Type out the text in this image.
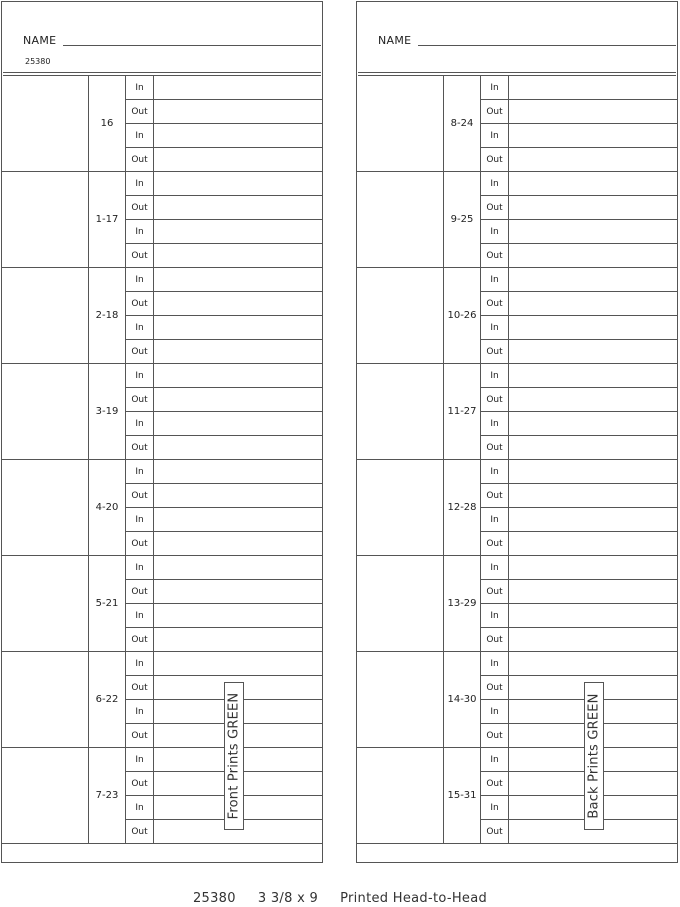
NAME
25380
16
In
Out
In
Out
1-17
In
Out
In
Out
2-18
In
Out
In
Out
3-19
In
Out
In
Out
4-20
In
Out
In
Out
5-21
In
Out
In
Out
6-22
In
Out
In
Out
7-23
In
Out
In
Out
NAME
8-24
In
Out
In
Out
9-25
In
Out
In
Out
10-26
In
Out
In
Out
11-27
In
Out
In
Out
12-28
In
Out
In
Out
13-29
In
Out
In
Out
14-30
In
Out
In
Out
15-31
In
Out
In
Out
Front Prints GREEN	Back Prints GREEN
25380 3 3/8 x 9 Printed Head-to-Head
